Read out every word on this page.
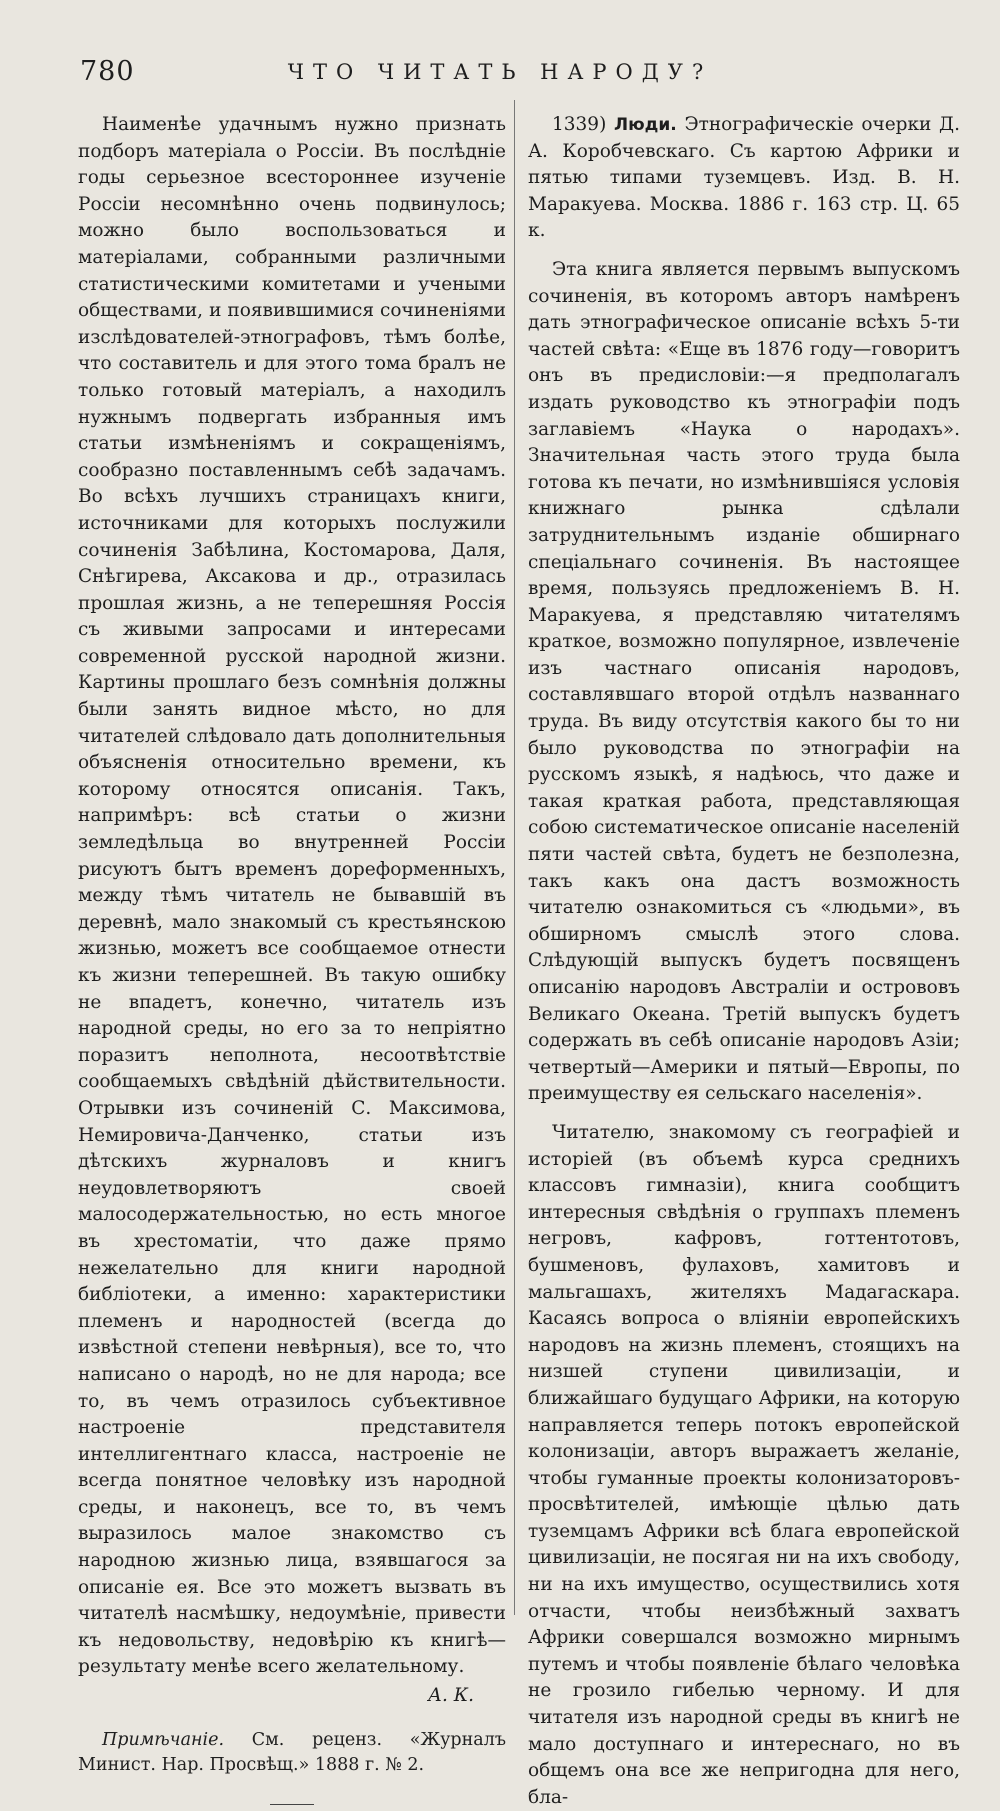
780	ЧТО ЧИТАТЬ НАРОДУ?

Наименѣе удачнымъ нужно признать подборъ матеріала о Россіи. Въ послѣдніе годы серьезное всестороннее изученіе Россіи несомнѣнно очень подвинулось; можно было воспользоваться и матеріалами, собранными различными статистическими комитетами и учеными обществами, и появившимися сочиненіями изслѣдователей-этнографовъ, тѣмъ болѣе, что составитель и для этого тома бралъ не только готовый матеріалъ, а находилъ нужнымъ подвергать избранныя имъ статьи измѣненіямъ и сокращеніямъ, сообразно поставленнымъ себѣ задачамъ. Во всѣхъ лучшихъ страницахъ книги, источниками для которыхъ послужили сочиненія Забѣлина, Костомарова, Даля, Снѣгирева, Аксакова и др., отразилась прошлая жизнь, а не теперешняя Россія съ живыми запросами и интересами современной русской народной жизни. Картины прошлаго безъ сомнѣнія должны были занять видное мѣсто, но для читателей слѣдовало дать дополнительныя объясненія относительно времени, къ которому относятся описанія. Такъ, напримѣръ: всѣ статьи о жизни земледѣльца во внутренней Россіи рисуютъ бытъ временъ дореформенныхъ, между тѣмъ читатель не бывавшій въ деревнѣ, мало знакомый съ крестьянскою жизнью, можетъ все сообщаемое отнести къ жизни теперешней. Въ такую ошибку не впадетъ, конечно, читатель изъ народной среды, но его за то непріятно поразитъ неполнота, несоотвѣтствіе сообщаемыхъ свѣдѣній дѣйствительности. Отрывки изъ сочиненій С. Максимова, Немировича-Данченко, статьи изъ дѣтскихъ журналовъ и книгъ неудовлетворяютъ своей малосодержательностью, но есть многое въ хрестоматіи, что даже прямо нежелательно для книги народной библіотеки, а именно: характеристики племенъ и народностей (всегда до извѣстной степени невѣрныя), все то, что написано о народѣ, но не для народа; все то, въ чемъ отразилось субъективное настроеніе представителя интеллигентнаго класса, настроеніе не всегда понятное человѣку изъ народной среды, и наконецъ, все то, въ чемъ выразилось малое знакомство съ народною жизнью лица, взявшагося за описаніе ея. Все это можетъ вызвать въ читателѣ насмѣшку, недоумѣніе, привести къ недовольству, недовѣрію къ книгѣ—результату менѣе всего желательному.

А. К.
Примѣчаніе. См. реценз. «Журналъ Минист. Нар. Просвѣщ.» 1888 г. № 2.

1339) Люди. Этнографическіе очерки Д. А. Коробчевскаго. Съ картою Африки и пятью типами туземцевъ. Изд. В. Н. Маракуева. Москва. 1886 г. 163 стр. Ц. 65 к.

Эта книга является первымъ выпускомъ сочиненія, въ которомъ авторъ намѣренъ дать этнографическое описаніе всѣхъ 5-ти частей свѣта: «Еще въ 1876 году—говоритъ онъ въ предисловіи:—я предполагалъ издать руководство къ этнографіи подъ заглавіемъ «Наука о народахъ». Значительная часть этого труда была готова къ печати, но измѣнившіяся условія книжнаго рынка сдѣлали затруднительнымъ изданіе обширнаго спеціальнаго сочиненія. Въ настоящее время, пользуясь предложеніемъ В. Н. Маракуева, я представляю читателямъ краткое, возможно популярное, извлеченіе изъ частнаго описанія народовъ, составлявшаго второй отдѣлъ названнаго труда. Въ виду отсутствія какого бы то ни было руководства по этнографіи на русскомъ языкѣ, я надѣюсь, что даже и такая краткая работа, представляющая собою систематическое описаніе населеній пяти частей свѣта, будетъ не безполезна, такъ какъ она дастъ возможность читателю ознакомиться съ «людьми», въ обширномъ смыслѣ этого слова. Слѣдующій выпускъ будетъ посвященъ описанію народовъ Австраліи и острововъ Великаго Океана. Третій выпускъ будетъ содержать въ себѣ описаніе народовъ Азіи; четвертый—Америки и пятый—Европы, по преимуществу ея сельскаго населенія».

Читателю, знакомому съ географіей и исторіей (въ объемѣ курса среднихъ классовъ гимназіи), книга сообщитъ интересныя свѣдѣнія о группахъ племенъ негровъ, кафровъ, готтентотовъ, бушменовъ, фулаховъ, хамитовъ и мальгашахъ, жителяхъ Мадагаскара. Касаясь вопроса о вліяніи европейскихъ народовъ на жизнь племенъ, стоящихъ на низшей ступени цивилизаціи, и ближайшаго будущаго Африки, на которую направляется теперь потокъ европейской колонизаціи, авторъ выражаетъ желаніе, чтобы гуманные проекты колонизаторовъ-просвѣтителей, имѣющіе цѣлью дать туземцамъ Африки всѣ блага европейской цивилизаціи, не посягая ни на ихъ свободу, ни на ихъ имущество, осуществились хотя отчасти, чтобы неизбѣжный захватъ Африки совершался возможно мирнымъ путемъ и чтобы появленіе бѣлаго человѣка не грозило гибелью черному. И для читателя изъ народной среды въ книгѣ не мало доступнаго и интереснаго, но въ общемъ она все же непригодна для него, бла-
